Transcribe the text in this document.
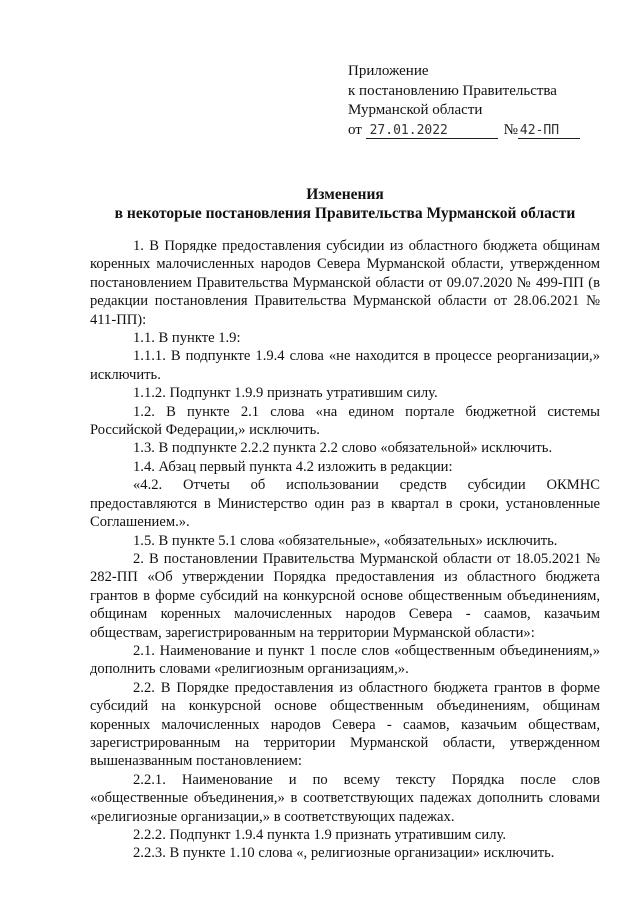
Приложение
к постановлению Правительства
Мурманской области
от 27.01.2022	№ 42-ПП
Изменения
в некоторые постановления Правительства Мурманской области

1. В Порядке предоставления субсидии из областного бюджета общинам коренных малочисленных народов Севера Мурманской области, утвержденном постановлением Правительства Мурманской области от 09.07.2020 № 499-ПП (в редакции постановления Правительства Мурманской области от 28.06.2021 № 411-ПП):

1.1. В пункте 1.9:

1.1.1. В подпункте 1.9.4 слова «не находится в процессе реорганизации,» исключить.

1.1.2. Подпункт 1.9.9 признать утратившим силу.

1.2. В пункте 2.1 слова «на едином портале бюджетной системы Российской Федерации,» исключить.

1.3. В подпункте 2.2.2 пункта 2.2 слово «обязательной» исключить.

1.4. Абзац первый пункта 4.2 изложить в редакции:

«4.2. Отчеты об использовании средств субсидии ОКМНС предоставляются в Министерство один раз в квартал в сроки, установленные Соглашением.».

1.5. В пункте 5.1 слова «обязательные», «обязательных» исключить.

2. В постановлении Правительства Мурманской области от 18.05.2021 № 282-ПП «Об утверждении Порядка предоставления из областного бюджета грантов в форме субсидий на конкурсной основе общественным объединениям, общинам коренных малочисленных народов Севера - саамов, казачьим обществам, зарегистрированным на территории Мурманской области»:

2.1. Наименование и пункт 1 после слов «общественным объединениям,» дополнить словами «религиозным организациям,».

2.2. В Порядке предоставления из областного бюджета грантов в форме субсидий на конкурсной основе общественным объединениям, общинам коренных малочисленных народов Севера - саамов, казачьим обществам, зарегистрированным на территории Мурманской области, утвержденном вышеназванным постановлением:

2.2.1. Наименование и по всему тексту Порядка после слов «общественные объединения,» в соответствующих падежах дополнить словами «религиозные организации,» в соответствующих падежах.

2.2.2. Подпункт 1.9.4 пункта 1.9 признать утратившим силу.

2.2.3. В пункте 1.10 слова «, религиозные организации» исключить.
